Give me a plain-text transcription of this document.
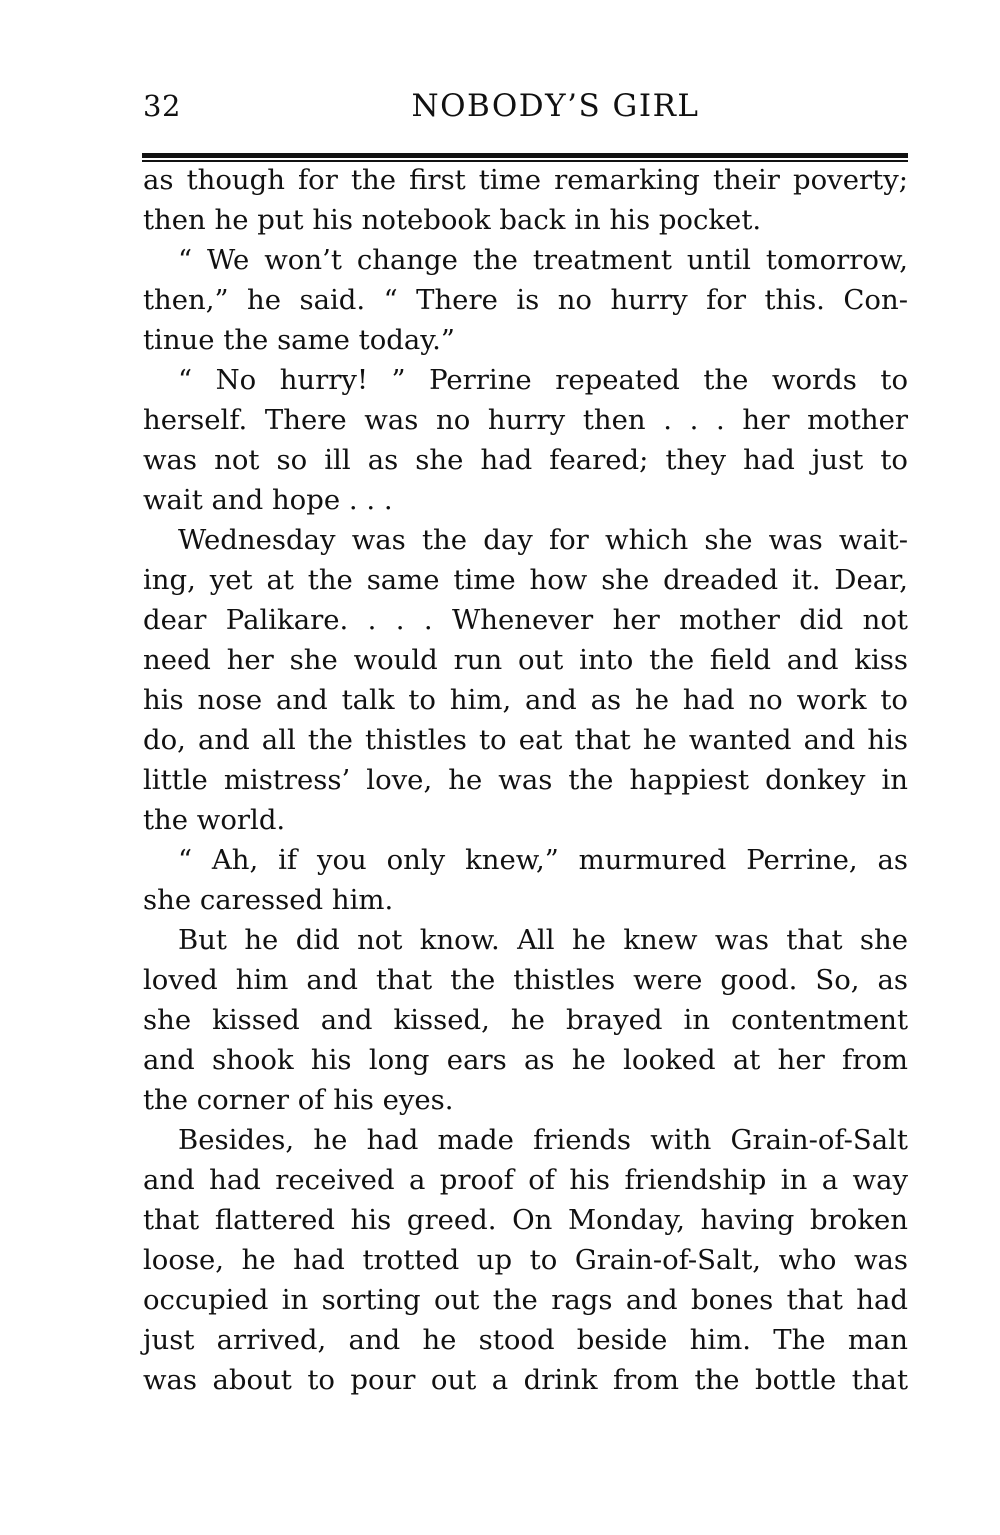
32	NOBODY’S GIRL
as though for the first time remarking their poverty;
then he put his notebook back in his pocket.
“ We won’t change the treatment until tomorrow,
then,” he said. “ There is no hurry for this. Con-
tinue the same today.”
“ No hurry! ” Perrine repeated the words to
herself. There was no hurry then . . . her mother
was not so ill as she had feared; they had just to
wait and hope . . .
Wednesday was the day for which she was wait-
ing, yet at the same time how she dreaded it. Dear,
dear Palikare. . . . Whenever her mother did not
need her she would run out into the field and kiss
his nose and talk to him, and as he had no work to
do, and all the thistles to eat that he wanted and his
little mistress’ love, he was the happiest donkey in
the world.
“ Ah, if you only knew,” murmured Perrine, as
she caressed him.
But he did not know. All he knew was that she
loved him and that the thistles were good. So, as
she kissed and kissed, he brayed in contentment
and shook his long ears as he looked at her from
the corner of his eyes.
Besides, he had made friends with Grain-of-Salt
and had received a proof of his friendship in a way
that flattered his greed. On Monday, having broken
loose, he had trotted up to Grain-of-Salt, who was
occupied in sorting out the rags and bones that had
just arrived, and he stood beside him. The man
was about to pour out a drink from the bottle that
